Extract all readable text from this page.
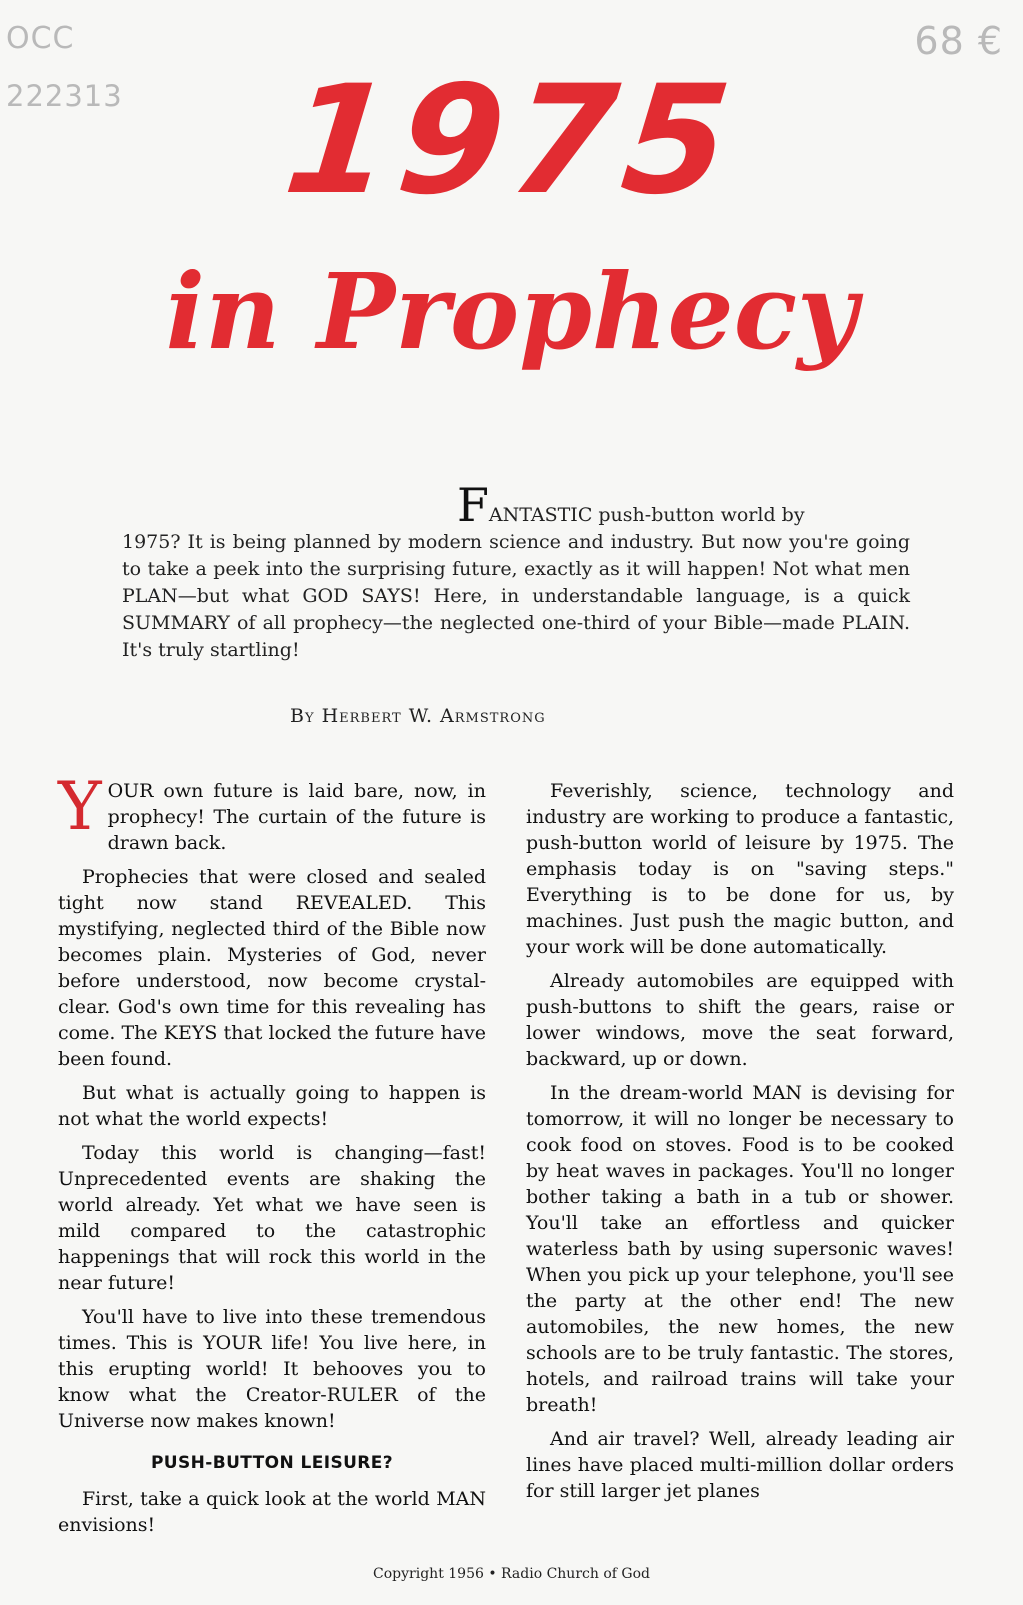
OCC
222313
68 €
1975
in Prophecy
FANTASTIC push-button world by
1975? It is being planned by modern science and industry. But now you're going to take a peek into the surprising future, exactly as it will happen! Not what men PLAN—but what GOD SAYS! Here, in understandable language, is a quick SUMMARY of all prophecy—the neglected one-third of your Bible—made PLAIN. It's truly startling!
By Herbert W. Armstrong

YOUR own future is laid bare, now, in prophecy! The curtain of the future is drawn back.

Prophecies that were closed and sealed tight now stand REVEALED. This mystifying, neglected third of the Bible now becomes plain. Mysteries of God, never before understood, now become crystal-clear. God's own time for this revealing has come. The KEYS that locked the future have been found.

But what is actually going to happen is not what the world expects!

Today this world is changing—fast! Unprecedented events are shaking the world already. Yet what we have seen is mild compared to the catastrophic happenings that will rock this world in the near future!

You'll have to live into these tremendous times. This is YOUR life! You live here, in this erupting world! It behooves you to know what the Creator-RULER of the Universe now makes known!

PUSH-BUTTON LEISURE?

First, take a quick look at the world MAN envisions!

Feverishly, science, technology and industry are working to produce a fantastic, push-button world of leisure by 1975. The emphasis today is on "saving steps." Everything is to be done for us, by machines. Just push the magic button, and your work will be done automatically.

Already automobiles are equipped with push-buttons to shift the gears, raise or lower windows, move the seat forward, backward, up or down.

In the dream-world MAN is devising for tomorrow, it will no longer be necessary to cook food on stoves. Food is to be cooked by heat waves in packages. You'll no longer bother taking a bath in a tub or shower. You'll take an effortless and quicker waterless bath by using supersonic waves! When you pick up your telephone, you'll see the party at the other end! The new automobiles, the new homes, the new schools are to be truly fantastic. The stores, hotels, and railroad trains will take your breath!

And air travel? Well, already leading air lines have placed multi-million dollar orders for still larger jet planes

Copyright 1956 • Radio Church of God
